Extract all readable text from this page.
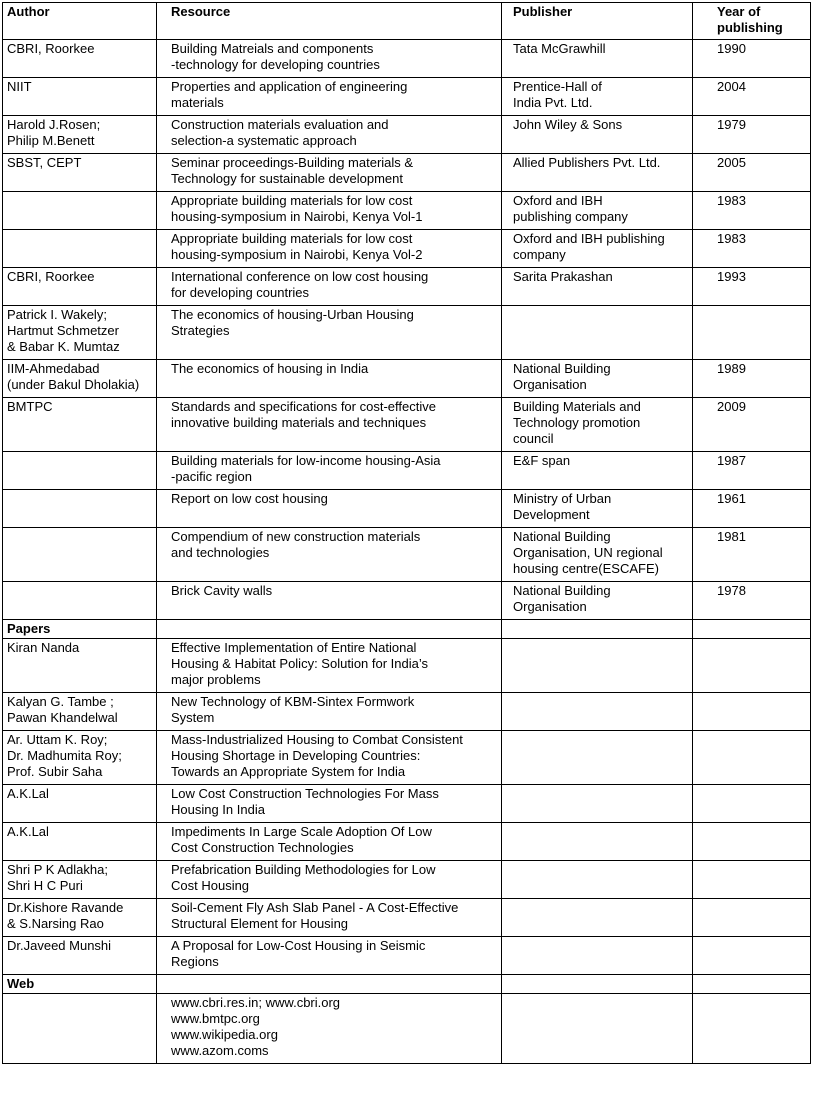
Author	Resource	Publisher	Year of
publishing

CBRI, Roorkee	Building Matreials and components
-technology for developing countries	Tata McGrawhill	1990

NIIT	Properties and application of engineering
materials	Prentice-Hall of
India Pvt. Ltd.	2004

Harold J.Rosen;
Philip M.Benett	Construction materials evaluation and
selection-a systematic approach	John Wiley & Sons	1979

SBST, CEPT	Seminar proceedings-Building materials &
Technology for sustainable development	Allied Publishers Pvt. Ltd.	2005

	Appropriate building materials for low cost
housing-symposium in Nairobi, Kenya Vol-1	Oxford and IBH
publishing company	1983

	Appropriate building materials for low cost
housing-symposium in Nairobi, Kenya Vol-2	Oxford and IBH publishing
company	1983

CBRI, Roorkee	International conference on low cost housing
for developing countries	Sarita Prakashan	1993

Patrick I. Wakely;
Hartmut Schmetzer
& Babar K. Mumtaz	The economics of housing-Urban Housing
Strategies		

IIM-Ahmedabad
(under Bakul Dholakia)	The economics of housing in India	National Building
Organisation	1989

BMTPC	Standards and specifications for cost-effective
innovative building materials and techniques	Building Materials and
Technology promotion
council	2009

	Building materials for low-income housing-Asia
-pacific region	E&F span	1987

	Report on low cost housing	Ministry of Urban
Development	1961

	Compendium of new construction materials
and technologies	National Building
Organisation, UN regional
housing centre(ESCAFE)	1981

	Brick Cavity walls	National Building
Organisation	1978

Papers			

Kiran Nanda	Effective Implementation of Entire National
Housing & Habitat Policy: Solution for India’s
major problems		

Kalyan G. Tambe ;
Pawan Khandelwal	New Technology of KBM-Sintex Formwork
System		

Ar. Uttam K. Roy;
Dr. Madhumita Roy;
Prof. Subir Saha	Mass-Industrialized Housing to Combat Consistent
Housing Shortage in Developing Countries:
Towards an Appropriate System for India		

A.K.Lal	Low Cost Construction Technologies For Mass
Housing In India		

A.K.Lal	Impediments In Large Scale Adoption Of Low
Cost Construction Technologies		

Shri P K Adlakha;
Shri H C Puri	Prefabrication Building Methodologies for Low
Cost Housing		

Dr.Kishore Ravande
& S.Narsing Rao	Soil-Cement Fly Ash Slab Panel - A Cost-Effective
Structural Element for Housing		

Dr.Javeed Munshi	A Proposal for Low-Cost Housing in Seismic
Regions		

Web			

	www.cbri.res.in; www.cbri.org
www.bmtpc.org
www.wikipedia.org
www.azom.coms		
